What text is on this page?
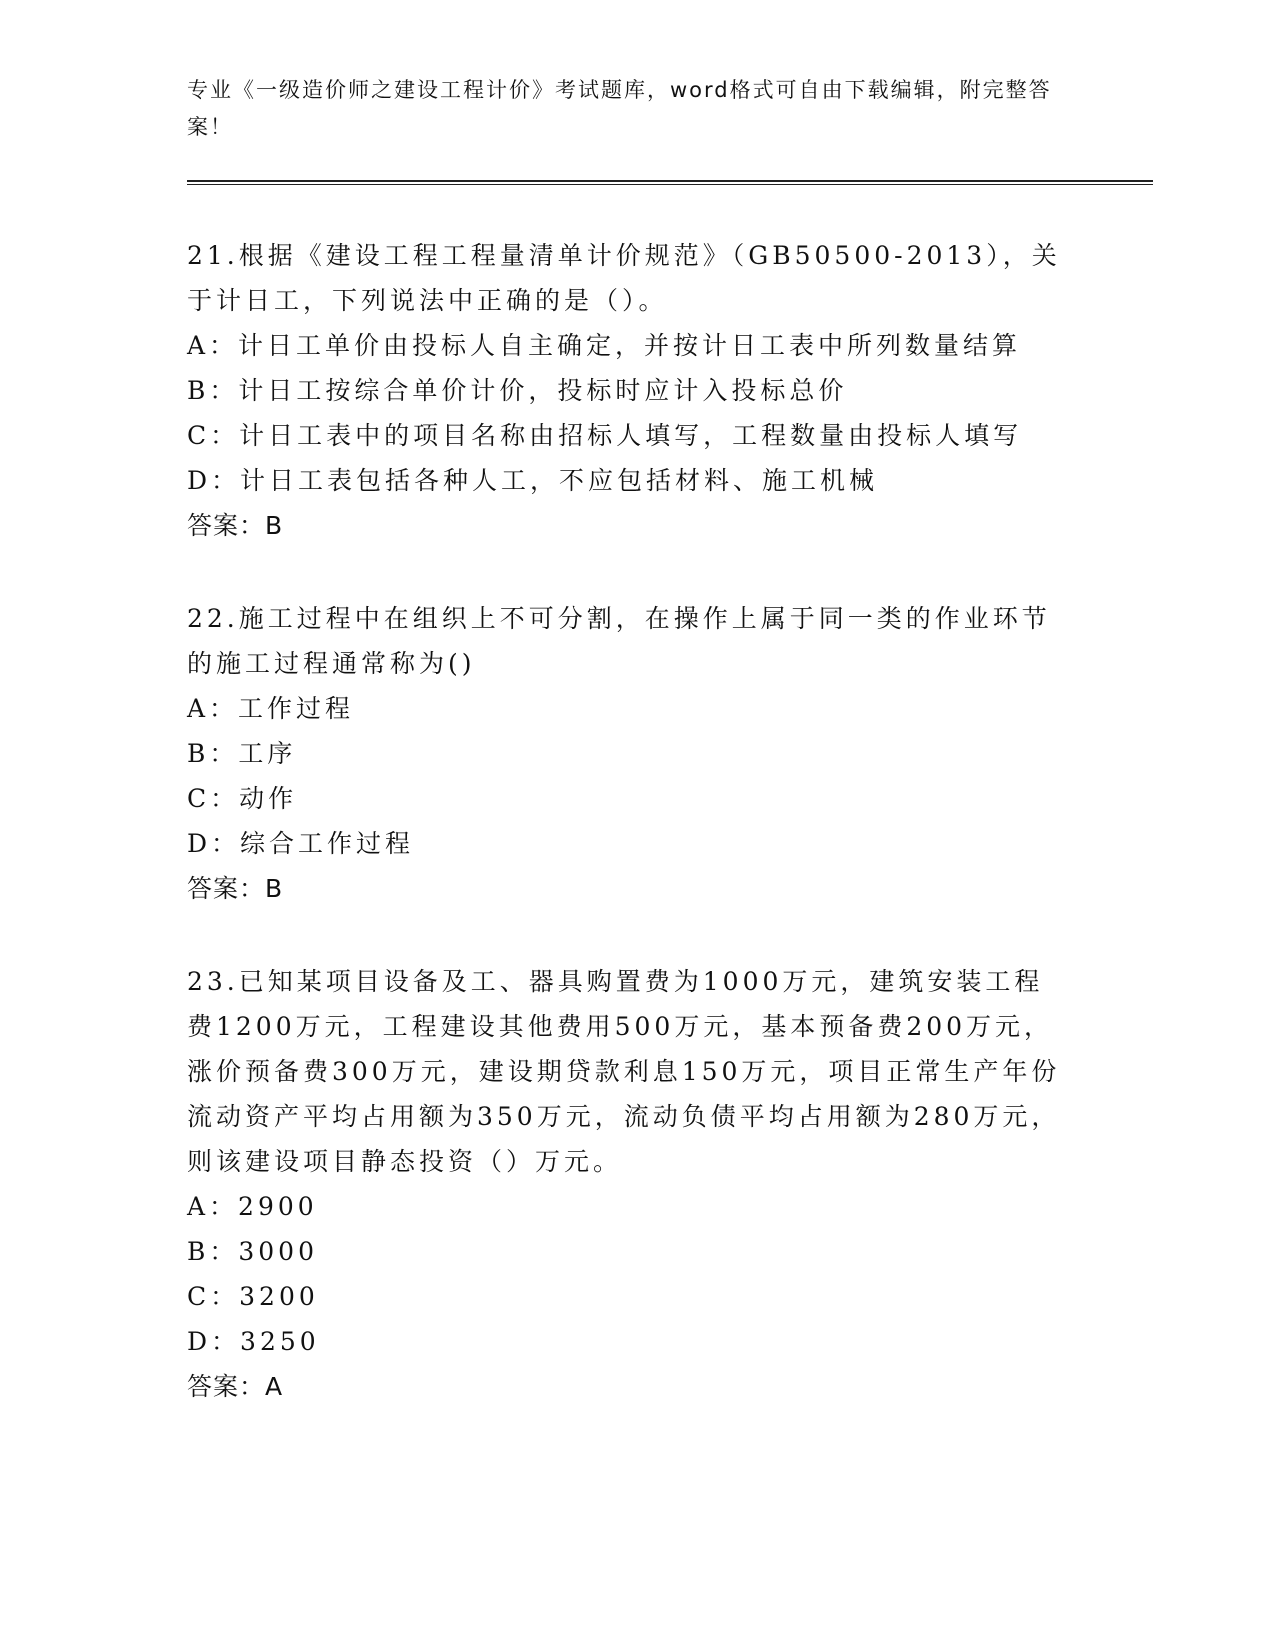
专业《一级造价师之建设工程计价》考试题库，word格式可自由下载编辑，附完整答案！

21.根据《建设工程工程量清单计价规范》（GB50500-2013），关于计日工，下列说法中正确的是（）。

A：计日工单价由投标人自主确定，并按计日工表中所列数量结算

B：计日工按综合单价计价，投标时应计入投标总价

C：计日工表中的项目名称由招标人填写，工程数量由投标人填写

D：计日工表包括各种人工，不应包括材料、施工机械

答案：B

22.施工过程中在组织上不可分割，在操作上属于同一类的作业环节的施工过程通常称为()

A：工作过程

B：工序

C：动作

D：综合工作过程

答案：B

23.已知某项目设备及工、器具购置费为1000万元，建筑安装工程费1200万元，工程建设其他费用500万元，基本预备费200万元，涨价预备费300万元，建设期贷款利息150万元，项目正常生产年份流动资产平均占用额为350万元，流动负债平均占用额为280万元，则该建设项目静态投资（）万元。

A：2900

B：3000

C：3200

D：3250

答案：A
